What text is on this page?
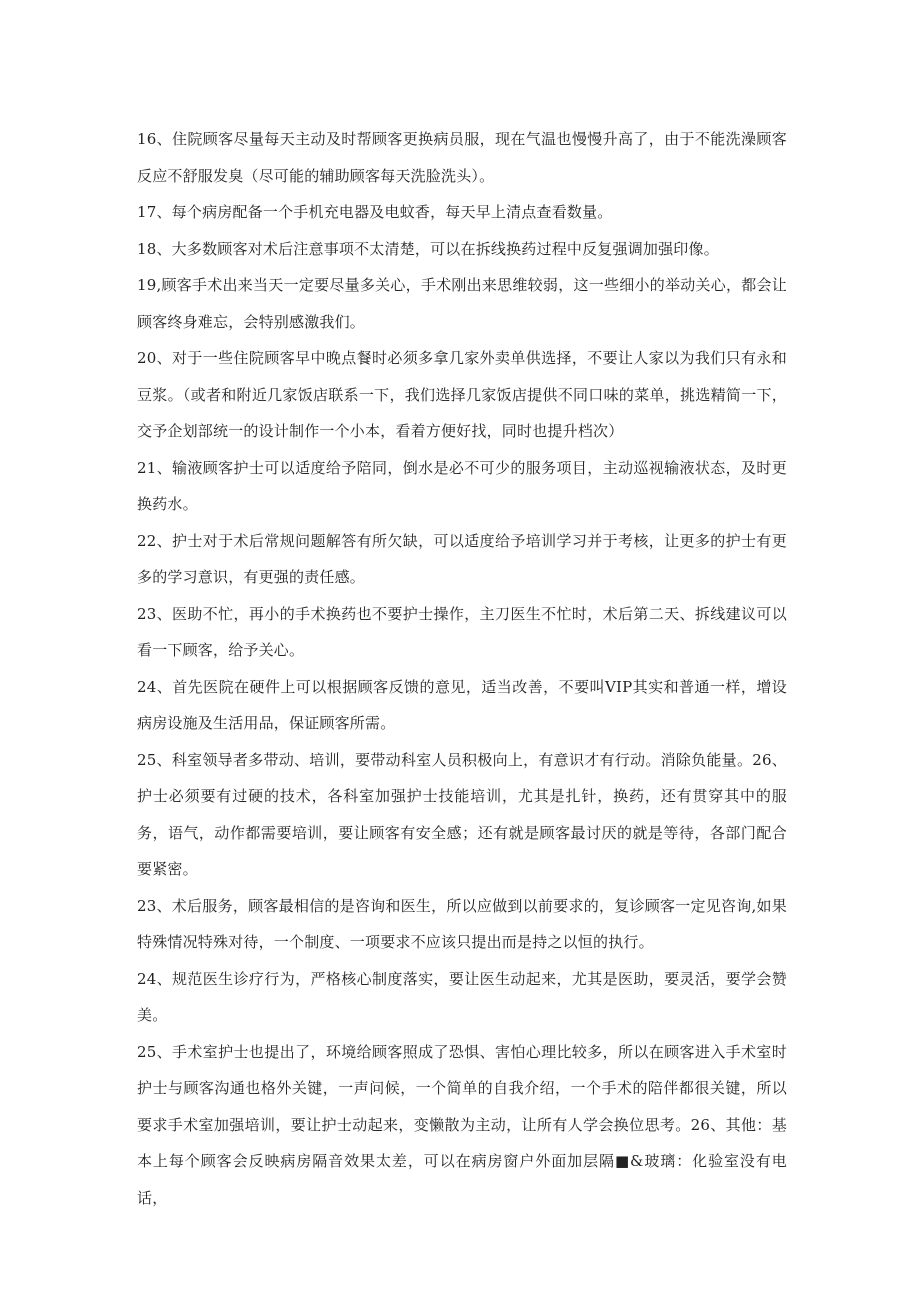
16、住院顾客尽量每天主动及时帮顾客更换病员服，现在气温也慢慢升高了，由于不能洗澡顾客反应不舒服发臭（尽可能的辅助顾客每天洗脸洗头）。

17、每个病房配备一个手机充电器及电蚊香，每天早上清点查看数量。

18、大多数顾客对术后注意事项不太清楚，可以在拆线换药过程中反复强调加强印像。

19,顾客手术出来当天一定要尽量多关心，手术刚出来思维较弱，这一些细小的举动关心，都会让顾客终身难忘，会特别感激我们。

20、对于一些住院顾客早中晚点餐时必须多拿几家外卖单供选择，不要让人家以为我们只有永和豆浆。（或者和附近几家饭店联系一下，我们选择几家饭店提供不同口味的菜单，挑选精简一下，交予企划部统一的设计制作一个小本，看着方便好找，同时也提升档次）

21、输液顾客护士可以适度给予陪同，倒水是必不可少的服务项目，主动巡视输液状态，及时更换药水。

22、护士对于术后常规问题解答有所欠缺，可以适度给予培训学习并于考核，让更多的护士有更多的学习意识，有更强的责任感。

23、医助不忙，再小的手术换药也不要护士操作，主刀医生不忙时，术后第二天、拆线建议可以看一下顾客，给予关心。

24、首先医院在硬件上可以根据顾客反馈的意见，适当改善，不要叫VIP其实和普通一样，增设病房设施及生活用品，保证顾客所需。

25、科室领导者多带动、培训，要带动科室人员积极向上，有意识才有行动。消除负能量。26、护士必须要有过硬的技术，各科室加强护士技能培训，尤其是扎针，换药，还有贯穿其中的服务，语气，动作都需要培训，要让顾客有安全感；还有就是顾客最讨厌的就是等待，各部门配合要紧密。

23、术后服务，顾客最相信的是咨询和医生，所以应做到以前要求的，复诊顾客一定见咨询,如果特殊情况特殊对待，一个制度、一项要求不应该只提出而是持之以恒的执行。

24、规范医生诊疗行为，严格核心制度落实，要让医生动起来，尤其是医助，要灵活，要学会赞美。

25、手术室护士也提出了，环境给顾客照成了恐惧、害怕心理比较多，所以在顾客进入手术室时护士与顾客沟通也格外关键，一声问候，一个简单的自我介绍，一个手术的陪伴都很关键，所以要求手术室加强培训，要让护士动起来，变懒散为主动，让所有人学会换位思考。26、其他：基本上每个顾客会反映病房隔音效果太差，可以在病房窗户外面加层隔■&玻璃：化验室没有电话，
